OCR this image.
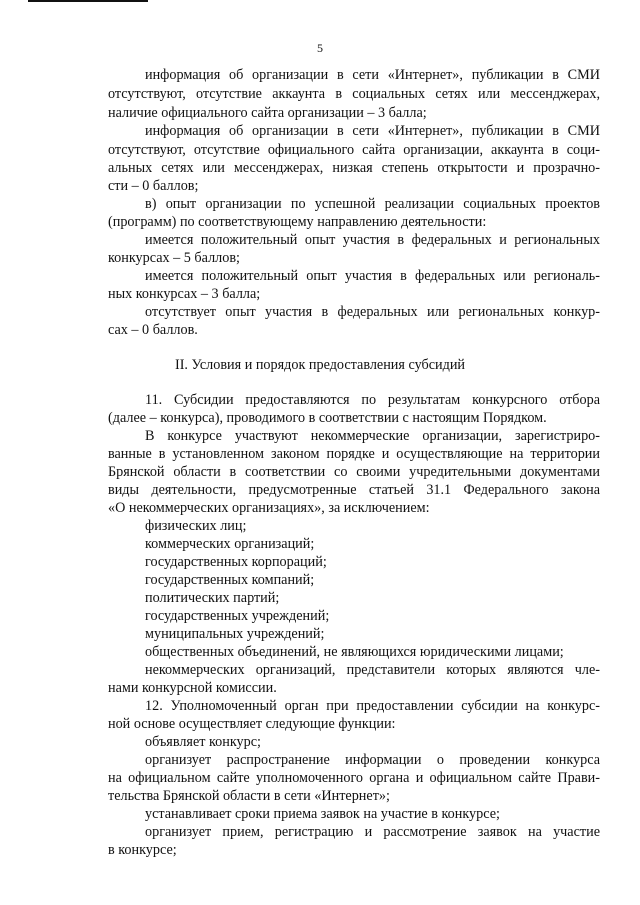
5
информация об организации в сети «Интернет», публикации в СМИ
отсутствуют, отсутствие аккаунта в социальных сетях или мессенджерах,
наличие официального сайта организации – 3 балла;
информация об организации в сети «Интернет», публикации в СМИ
отсутствуют, отсутствие официального сайта организации, аккаунта в соци-
альных сетях или мессенджерах, низкая степень открытости и прозрачно-
сти – 0 баллов;
в) опыт организации по успешной реализации социальных проектов
(программ) по соответствующему направлению деятельности:
имеется положительный опыт участия в федеральных и региональных
конкурсах – 5 баллов;
имеется положительный опыт участия в федеральных или региональ-
ных конкурсах – 3 балла;
отсутствует опыт участия в федеральных или региональных конкур-
сах – 0 баллов.
II. Условия и порядок предоставления субсидий
11. Субсидии предоставляются по результатам конкурсного отбора
(далее – конкурса), проводимого в соответствии с настоящим Порядком.
В конкурсе участвуют некоммерческие организации, зарегистриро-
ванные в установленном законом порядке и осуществляющие на территории
Брянской области в соответствии со своими учредительными документами
виды деятельности, предусмотренные статьей 31.1 Федерального закона
«О некоммерческих организациях», за исключением:
физических лиц;
коммерческих организаций;
государственных корпораций;
государственных компаний;
политических партий;
государственных учреждений;
муниципальных учреждений;
общественных объединений, не являющихся юридическими лицами;
некоммерческих организаций, представители которых являются чле-
нами конкурсной комиссии.
12. Уполномоченный орган при предоставлении субсидии на конкурс-
ной основе осуществляет следующие функции:
объявляет конкурс;
организует распространение информации о проведении конкурса
на официальном сайте уполномоченного органа и официальном сайте Прави-
тельства Брянской области в сети «Интернет»;
устанавливает сроки приема заявок на участие в конкурсе;
организует прием, регистрацию и рассмотрение заявок на участие
в конкурсе;
